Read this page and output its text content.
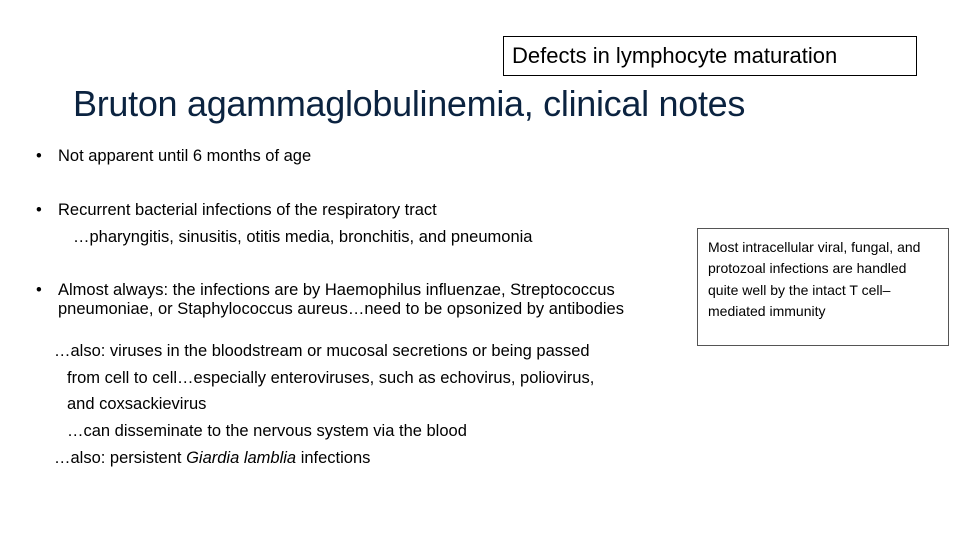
Defects in lymphocyte maturation
Bruton agammaglobulinemia, clinical notes
• Not apparent until 6 months of age
• Recurrent bacterial infections of the respiratory tract
…pharyngitis, sinusitis, otitis media, bronchitis, and pneumonia
• Almost always: the infections are by Haemophilus influenzae, Streptococcus pneumoniae, or Staphylococcus aureus…need to be opsonized by antibodies
…also: viruses in the bloodstream or mucosal secretions or being passed
from cell to cell…especially enteroviruses, such as echovirus, poliovirus,
and coxsackievirus
…can disseminate to the nervous system via the blood
…also: persistent Giardia lamblia infections
Most intracellular viral, fungal, and protozoal infections are handled quite well by the intact T cell–mediated immunity
